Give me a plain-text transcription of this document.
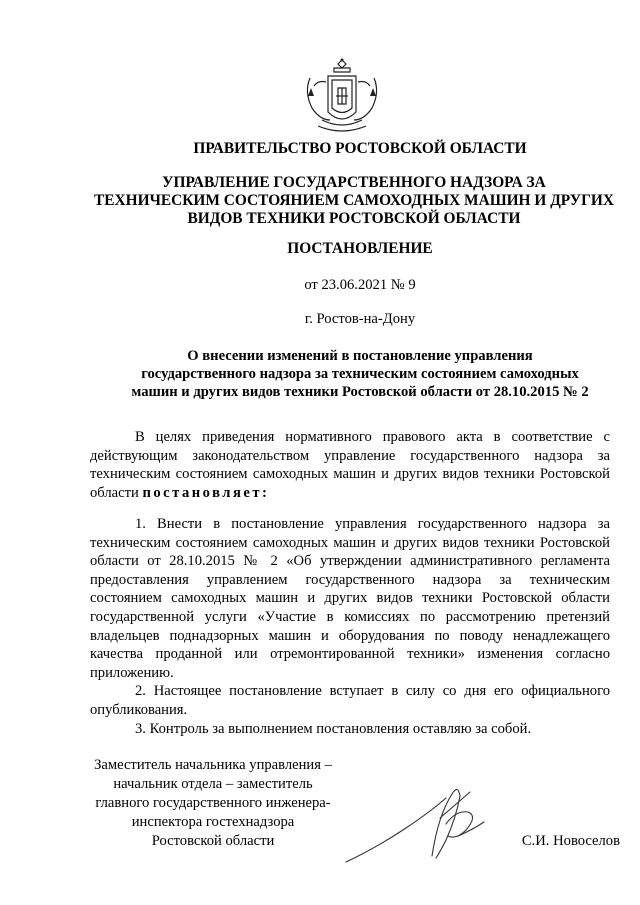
ПРАВИТЕЛЬСТВО РОСТОВСКОЙ ОБЛАСТИ
УПРАВЛЕНИЕ ГОСУДАРСТВЕННОГО НАДЗОРА ЗА
ТЕХНИЧЕСКИМ СОСТОЯНИЕМ САМОХОДНЫХ МАШИН И ДРУГИХ
ВИДОВ ТЕХНИКИ РОСТОВСКОЙ ОБЛАСТИ
ПОСТАНОВЛЕНИЕ
от 23.06.2021 № 9
г. Ростов-на-Дону
О внесении изменений в постановление управления
государственного надзора за техническим состоянием самоходных
машин и других видов техники Ростовской области от 28.10.2015 № 2
В целях приведения нормативного правового акта в соответствие с действующим законодательством управление государственного надзора за техническим состоянием самоходных машин и других видов техники Ростовской области постановляет:

1. Внести в постановление управления государственного надзора за техническим состоянием самоходных машин и других видов техники Ростовской области от 28.10.2015 № 2 «Об утверждении административного регламента предоставления управлением государственного надзора за техническим состоянием самоходных машин и других видов техники Ростовской области государственной услуги «Участие в комиссиях по рассмотрению претензий владельцев поднадзорных машин и оборудования по поводу ненадлежащего качества проданной или отремонтированной техники» изменения согласно приложению.

2. Настоящее постановление вступает в силу со дня его официального опубликования.

3. Контроль за выполнением постановления оставляю за собой.

Заместитель начальника управления –
начальник отдела – заместитель
главного государственного инженера-
инспектора гостехнадзора
Ростовской области	С.И. Новоселов
